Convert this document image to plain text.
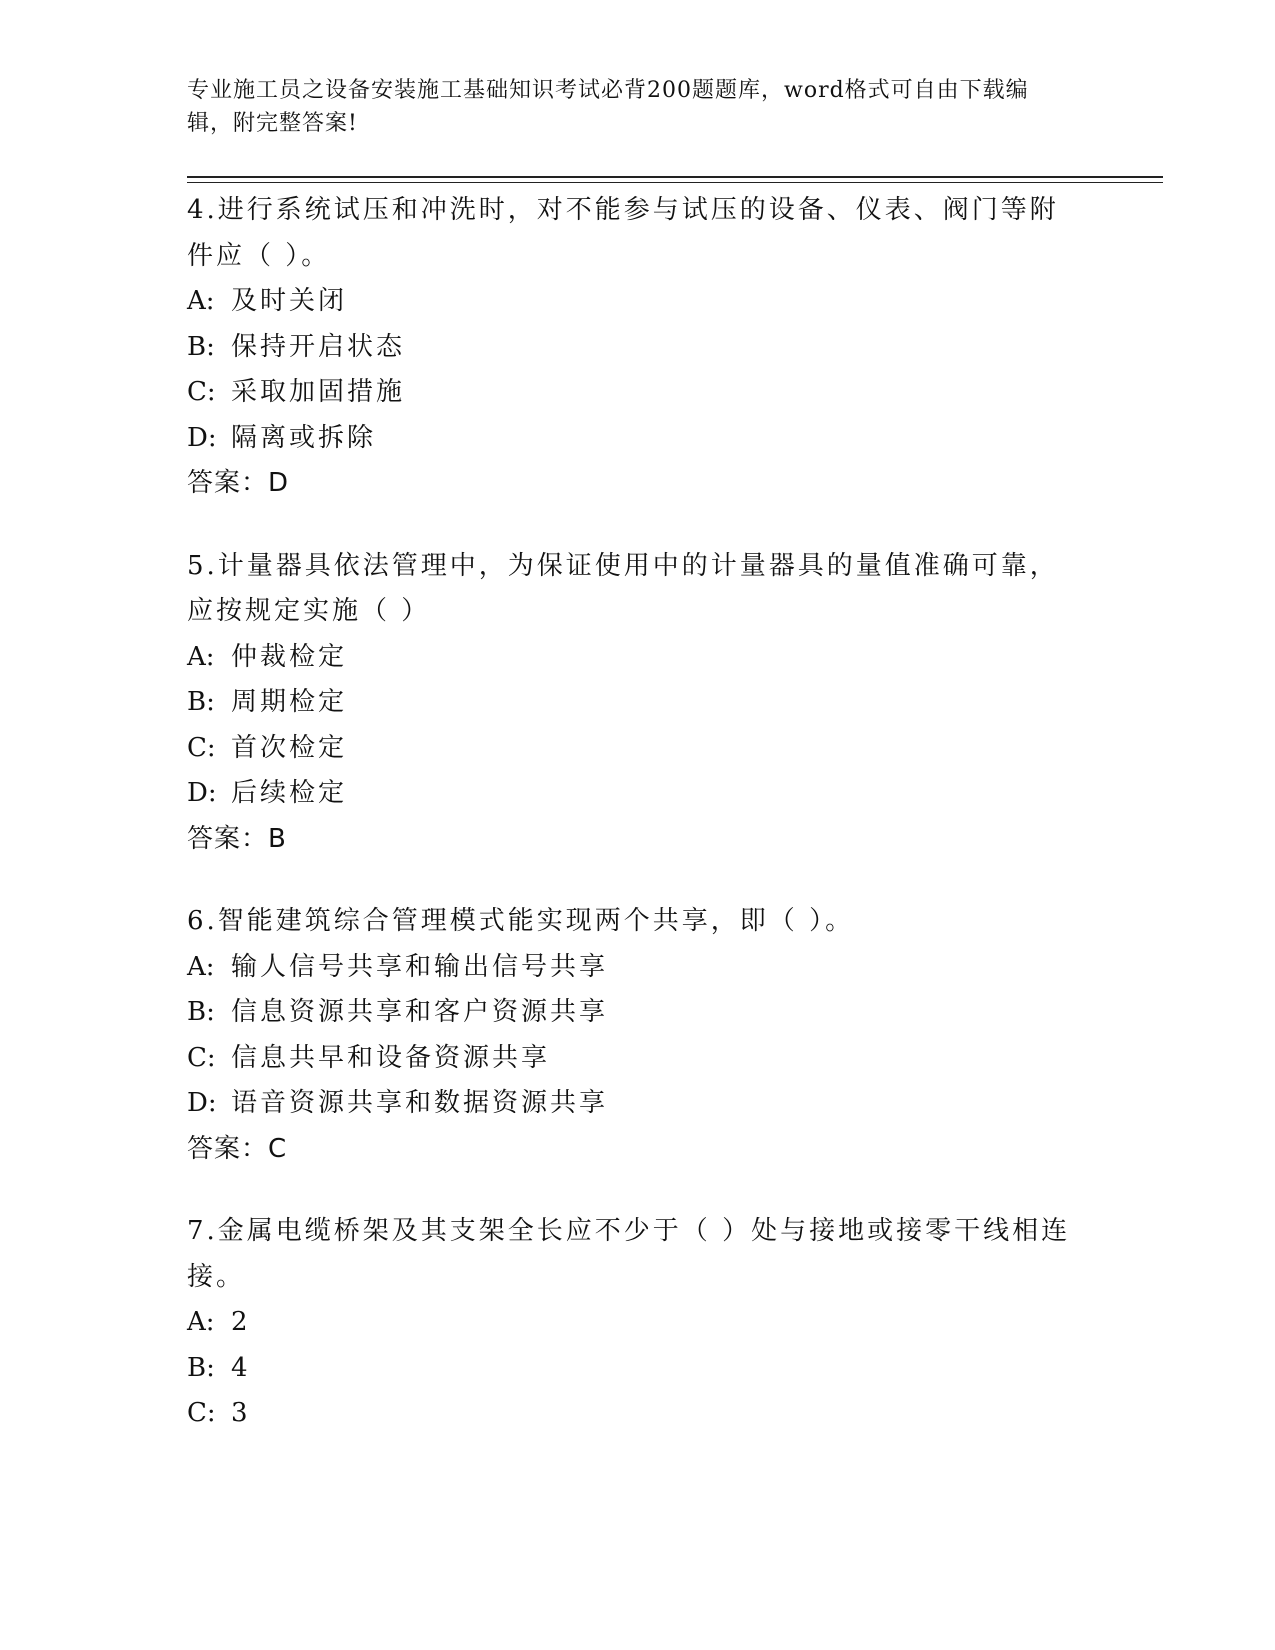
专业施工员之设备安装施工基础知识考试必背200题题库，word格式可自由下载编辑，附完整答案!
4.进行系统试压和冲洗时，对不能参与试压的设备、仪表、阀门等附件应（ ）。
A: 及时关闭
B: 保持开启状态
C: 采取加固措施
D: 隔离或拆除
答案：D
5.计量器具依法管理中，为保证使用中的计量器具的量值准确可靠，应按规定实施（ ）
A: 仲裁检定
B: 周期检定
C: 首次检定
D: 后续检定
答案：B
6.智能建筑综合管理模式能实现两个共享，即（ ）。
A: 输人信号共享和输出信号共享
B: 信息资源共享和客户资源共享
C: 信息共早和设备资源共享
D: 语音资源共享和数据资源共享
答案：C
7.金属电缆桥架及其支架全长应不少于（ ）处与接地或接零干线相连接。
A: 2
B: 4
C: 3
